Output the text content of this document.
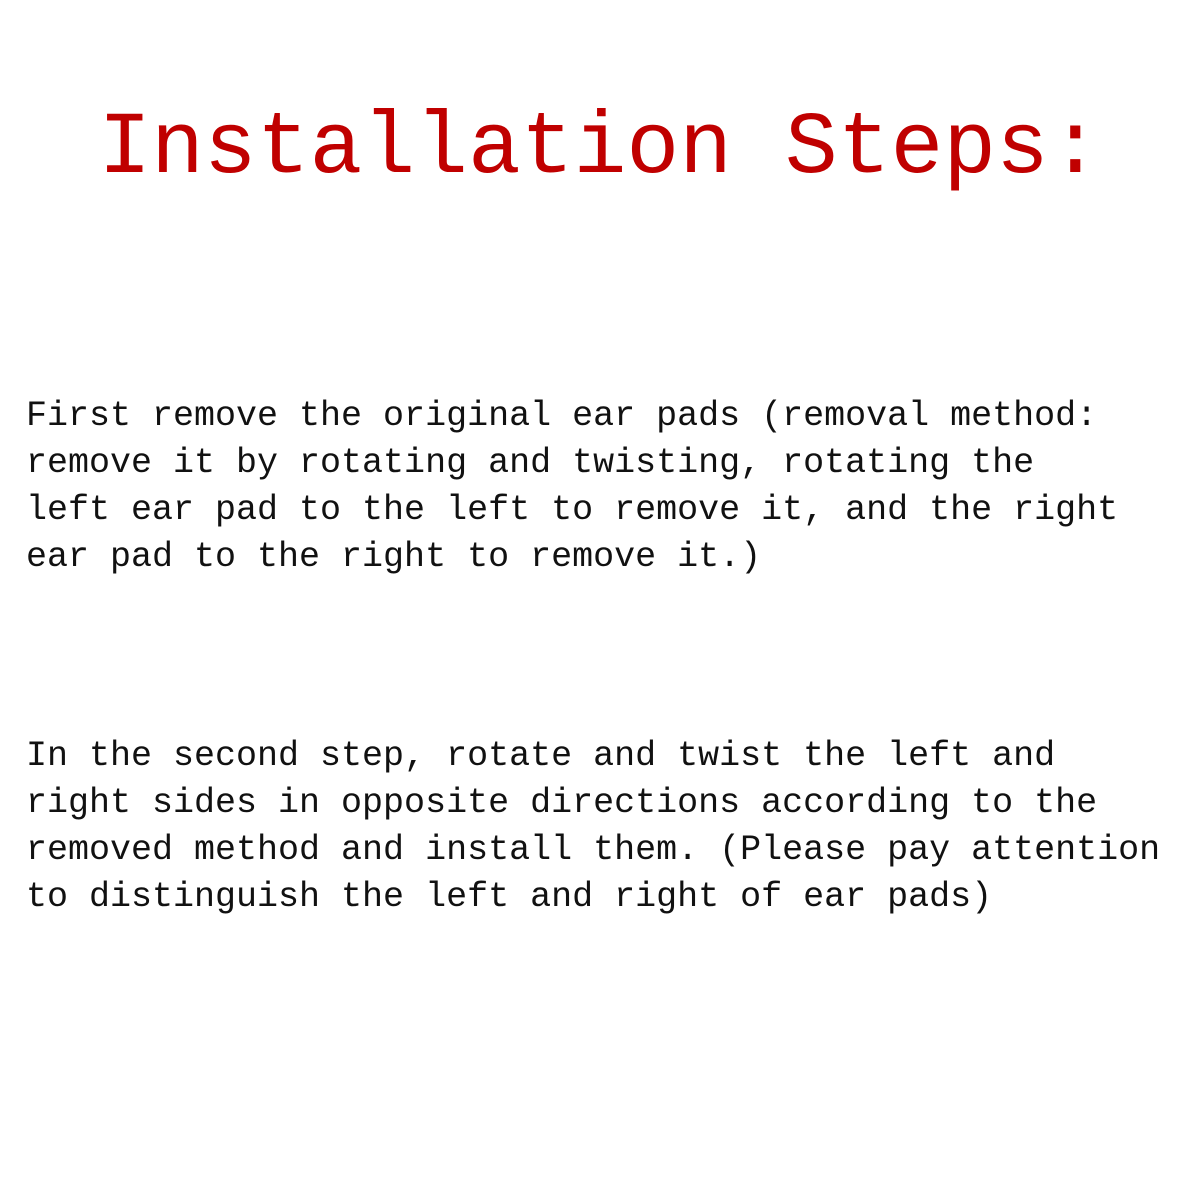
Installation Steps:

First remove the original ear pads (removal method:
remove it by rotating and twisting, rotating the
left ear pad to the left to remove it, and the right
ear pad to the right to remove it.)

In the second step, rotate and twist the left and
right sides in opposite directions according to the
removed method and install them. (Please pay attention
to distinguish the left and right of ear pads)
